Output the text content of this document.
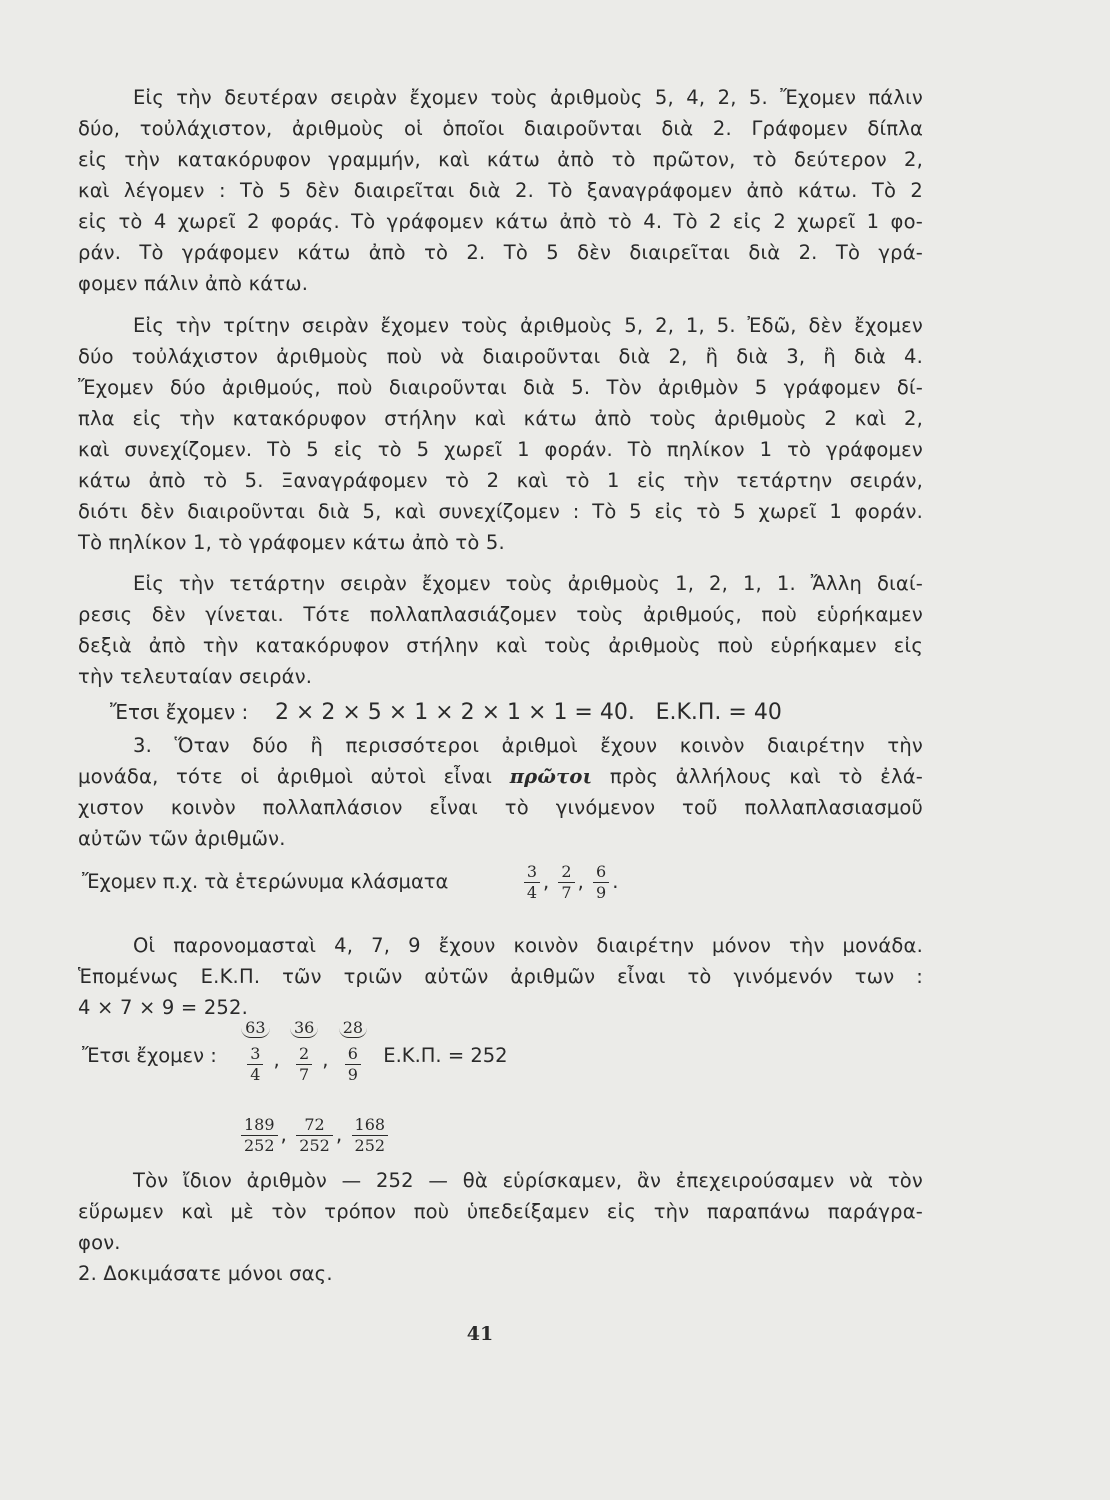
Εἰς τὴν δευτέραν σειρὰν ἔχομεν τοὺς ἀριθμοὺς 5, 4, 2, 5. Ἔχομεν πάλιν
δύο, τοὐλάχιστον, ἀριθμοὺς οἱ ὁποῖοι διαιροῦνται διὰ 2. Γράφομεν δίπλα
εἰς τὴν κατακόρυφον γραμμήν, καὶ κάτω ἀπὸ τὸ πρῶτον, τὸ δεύτερον 2,
καὶ λέγομεν : Τὸ 5 δὲν διαιρεῖται διὰ 2. Τὸ ξαναγράφομεν ἀπὸ κάτω. Τὸ 2
εἰς τὸ 4 χωρεῖ 2 φοράς. Τὸ γράφομεν κάτω ἀπὸ τὸ 4. Τὸ 2 εἰς 2 χωρεῖ 1 φο-
ράν. Τὸ γράφομεν κάτω ἀπὸ τὸ 2. Τὸ 5 δὲν διαιρεῖται διὰ 2. Τὸ γρά-
φομεν πάλιν ἀπὸ κάτω.
Εἰς τὴν τρίτην σειρὰν ἔχομεν τοὺς ἀριθμοὺς 5, 2, 1, 5. Ἐδῶ, δὲν ἔχομεν
δύο τοὐλάχιστον ἀριθμοὺς ποὺ νὰ διαιροῦνται διὰ 2, ἢ διὰ 3, ἢ διὰ 4.
Ἔχομεν δύο ἀριθμούς, ποὺ διαιροῦνται διὰ 5. Τὸν ἀριθμὸν 5 γράφομεν δί-
πλα εἰς τὴν κατακόρυφον στήλην καὶ κάτω ἀπὸ τοὺς ἀριθμοὺς 2 καὶ 2,
καὶ συνεχίζομεν. Τὸ 5 εἰς τὸ 5 χωρεῖ 1 φοράν. Τὸ πηλίκον 1 τὸ γράφομεν
κάτω ἀπὸ τὸ 5. Ξαναγράφομεν τὸ 2 καὶ τὸ 1 εἰς τὴν τετάρτην σειράν,
διότι δὲν διαιροῦνται διὰ 5, καὶ συνεχίζομεν : Τὸ 5 εἰς τὸ 5 χωρεῖ 1 φοράν.
Τὸ πηλίκον 1, τὸ γράφομεν κάτω ἀπὸ τὸ 5.
Εἰς τὴν τετάρτην σειρὰν ἔχομεν τοὺς ἀριθμοὺς 1, 2, 1, 1. Ἄλλη διαί-
ρεσις δὲν γίνεται. Τότε πολλαπλασιάζομεν τοὺς ἀριθμούς, ποὺ εὑρήκαμεν
δεξιὰ ἀπὸ τὴν κατακόρυφον στήλην καὶ τοὺς ἀριθμοὺς ποὺ εὑρήκαμεν εἰς
τὴν τελευταίαν σειράν.
Ἔτσι ἔχομεν : 2 × 2 × 5 × 1 × 2 × 1 × 1 = 40. Ε.Κ.Π. = 40
3. Ὅταν δύο ἢ περισσότεροι ἀριθμοὶ ἔχουν κοινὸν διαιρέτην τὴν
μονάδα, τότε οἱ ἀριθμοὶ αὐτοὶ εἶναι πρῶτοι πρὸς ἀλλήλους καὶ τὸ ἐλά-
χιστον κοινὸν πολλαπλάσιον εἶναι τὸ γινόμενον τοῦ πολλαπλασιασμοῦ
αὐτῶν τῶν ἀριθμῶν.
Ἔχομεν π.χ. τὰ ἑτερώνυμα κλάσματα	$\frac{3}{4}$ , $\frac{2}{7}$ , $\frac{6}{9}$ .
Οἱ παρονομασταὶ 4, 7, 9 ἔχουν κοινὸν διαιρέτην μόνον τὴν μονάδα.
Ἑπομένως Ε.Κ.Π. τῶν τριῶν αὐτῶν ἀριθμῶν εἶναι τὸ γινόμενόν των :
4 × 7 × 9 = 252.
Ἔτσι ἔχομεν : $\frac{63}{\frac{3}{4}}$ , $\frac{36}{\frac{2}{7}}$ , $\frac{28}{\frac{6}{9}} E.K.\Pi$. = 252
$\frac{189}{252}$ , $\frac{72}{252}$ , $\frac{168}{252}$
Τὸν ἴδιον ἀριθμὸν — 252 — θὰ εὑρίσκαμεν, ἂν ἐπεχειρούσαμεν νὰ τὸν
εὕρωμεν καὶ μὲ τὸν τρόπον ποὺ ὑπεδείξαμεν εἰς τὴν παραπάνω παράγρα-
φον.
2. Δοκιμάσατε μόνοι σας.
41
